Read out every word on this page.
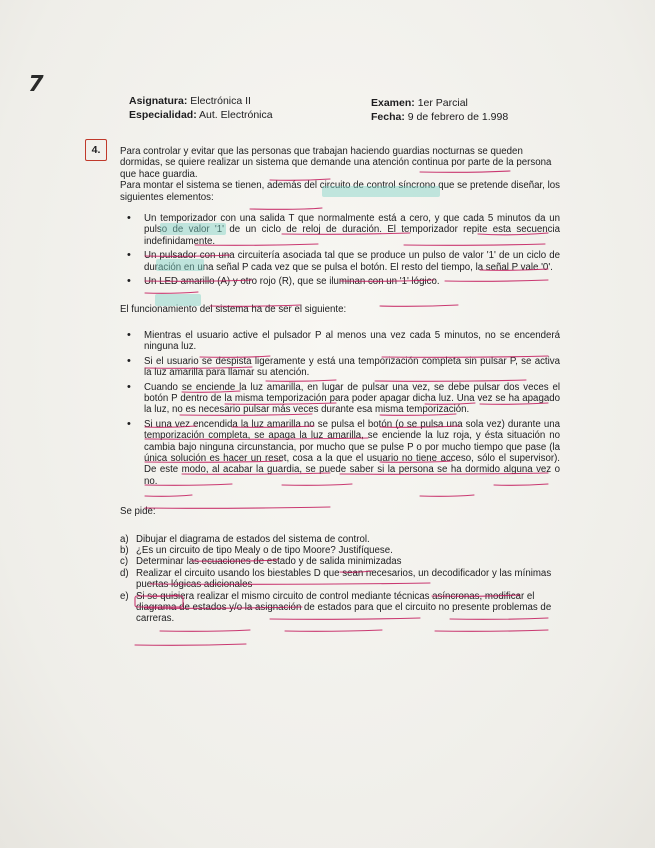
7
Asignatura: Electrónica II
Especialidad: Aut. Electrónica
Examen: 1er Parcial
Fecha: 9 de febrero de 1.998
4.	Para controlar y evitar que las personas que trabajan haciendo guardias nocturnas se queden dormidas, se quiere realizar un sistema que demande una atención continua por parte de la persona que hace guardia.

Para montar el sistema se tienen, además del circuito de control síncrono que se pretende diseñar, los siguientes elementos:

• Un temporizador con una salida T que normalmente está a cero, y que cada 5 minutos da un pulso de valor '1' de un ciclo de reloj de duración. El temporizador repite esta secuencia indefinidamente.
• Un pulsador con una circuitería asociada tal que se produce un pulso de valor '1' de un ciclo de duración en una señal P cada vez que se pulsa el botón. El resto del tiempo, la señal P vale '0'.
• Un LED amarillo (A) y otro rojo (R), que se iluminan con un '1' lógico.

El funcionamiento del sistema ha de ser el siguiente:

• Mientras el usuario active el pulsador P al menos una vez cada 5 minutos, no se encenderá ninguna luz.
• Si el usuario se despista ligeramente y está una temporización completa sin pulsar P, se activa la luz amarilla para llamar su atención.
• Cuando se enciende la luz amarilla, en lugar de pulsar una vez, se debe pulsar dos veces el botón P dentro de la misma temporización para poder apagar dicha luz. Una vez se ha apagado la luz, no es necesario pulsar más veces durante esa misma temporización.
• Si una vez encendida la luz amarilla no se pulsa el botón (o se pulsa una sola vez) durante una temporización completa, se apaga la luz amarilla, se enciende la luz roja, y ésta situación no cambia bajo ninguna circunstancia, por mucho que se pulse P o por mucho tiempo que pase (la única solución es hacer un reset, cosa a la que el usuario no tiene acceso, sólo el supervisor). De este modo, al acabar la guardia, se puede saber si la persona se ha dormido alguna vez o no.

Se pide:

a) Dibujar el diagrama de estados del sistema de control.
b) ¿Es un circuito de tipo Mealy o de tipo Moore? Justifíquese.
c) Determinar las ecuaciones de estado y de salida minimizadas
d) Realizar el circuito usando los biestables D que sean necesarios, un decodificador y las mínimas puertas lógicas adicionales
e) Si se quisiera realizar el mismo circuito de control mediante técnicas asíncronas, modificar el diagrama de estados y/o la asignación de estados para que el circuito no presente problemas de carreras.
